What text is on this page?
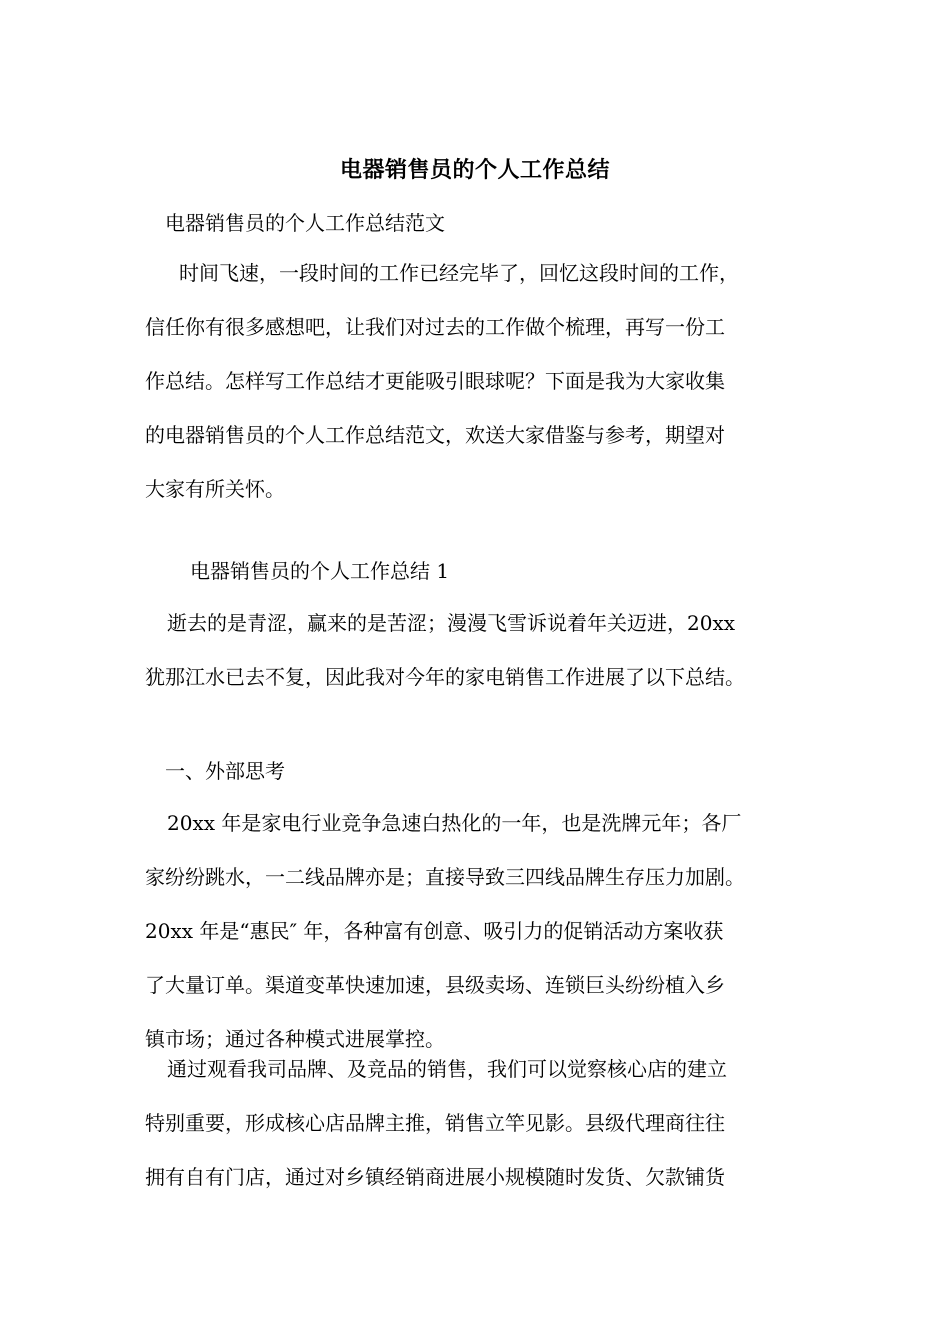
电器销售员的个人工作总结

电器销售员的个人工作总结范文

时间飞速，一段时间的工作已经完毕了，回忆这段时间的工作，
信任你有很多感想吧，让我们对过去的工作做个梳理，再写一份工
作总结。怎样写工作总结才更能吸引眼球呢？下面是我为大家收集
的电器销售员的个人工作总结范文，欢送大家借鉴与参考，期望对
大家有所关怀。

电器销售员的个人工作总结 1

逝去的是青涩，赢来的是苦涩；漫漫飞雪诉说着年关迈进，20xx
犹那江水已去不复，因此我对今年的家电销售工作进展了以下总结。

一、外部思考

20xx 年是家电行业竞争急速白热化的一年，也是洗牌元年；各厂
家纷纷跳水，一二线品牌亦是；直接导致三四线品牌生存压力加剧。
20xx 年是“惠民″ 年，各种富有创意、吸引力的促销活动方案收获
了大量订单。渠道变革快速加速，县级卖场、连锁巨头纷纷植入乡
镇市场；通过各种模式进展掌控。

通过观看我司品牌、及竞品的销售，我们可以觉察核心店的建立
特别重要，形成核心店品牌主推，销售立竿见影。县级代理商往往
拥有自有门店，通过对乡镇经销商进展小规模随时发货、欠款铺货
